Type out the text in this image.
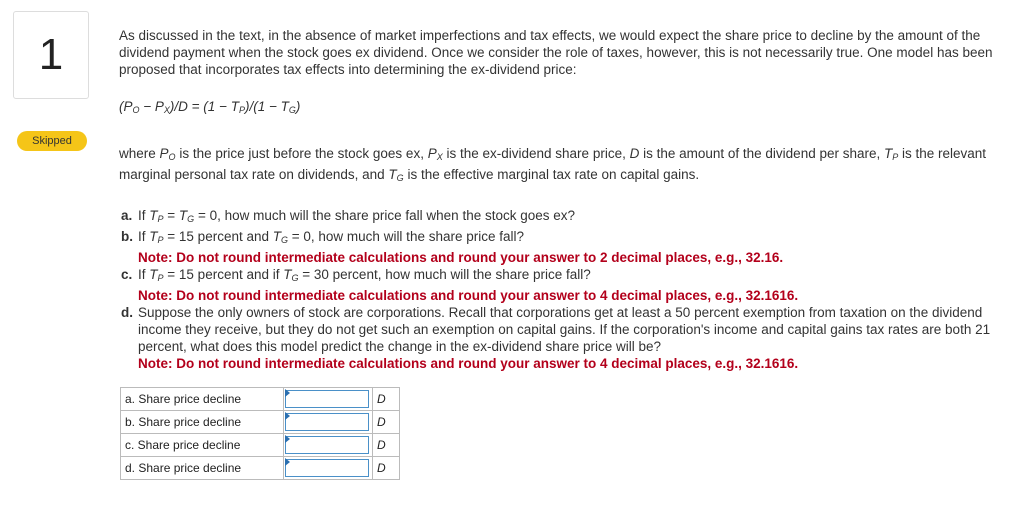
1
Skipped

As discussed in the text, in the absence of market imperfections and tax effects, we would expect the share price to decline by the amount of the dividend payment when the stock goes ex dividend. Once we consider the role of taxes, however, this is not necessarily true. One model has been proposed that incorporates tax effects into determining the ex-dividend price:

$(P_O - P_X)/D = (1 - T_P)/(1 - T_G)$

where $P_O$ is the price just before the stock goes ex, $P_X$ is the ex-dividend share price, D is the amount of the dividend per share, $T_P$ is the relevant marginal personal tax rate on dividends, and $T_G$ is the effective marginal tax rate on capital gains.

a. If $T_P = T_G = 0$, how much will the share price fall when the stock goes ex?
b. If $T_P = 15$ percent and $T_G = 0$, how much will the share price fall?
Note: Do not round intermediate calculations and round your answer to 2 decimal places, e.g., 32.16.
c. If $T_P = 15$ percent and if $T_G = 30$ percent, how much will the share price fall?
Note: Do not round intermediate calculations and round your answer to 4 decimal places, e.g., 32.1616.
d. Suppose the only owners of stock are corporations. Recall that corporations get at least a 50 percent exemption from taxation on the dividend income they receive, but they do not get such an exemption on capital gains. If the corporation's income and capital gains tax rates are both 21 percent, what does this model predict the change in the ex-dividend share price will be?
Note: Do not round intermediate calculations and round your answer to 4 decimal places, e.g., 32.1616.
a. Share price decline		D
b. Share price decline		D
c. Share price decline		D
d. Share price decline		D
